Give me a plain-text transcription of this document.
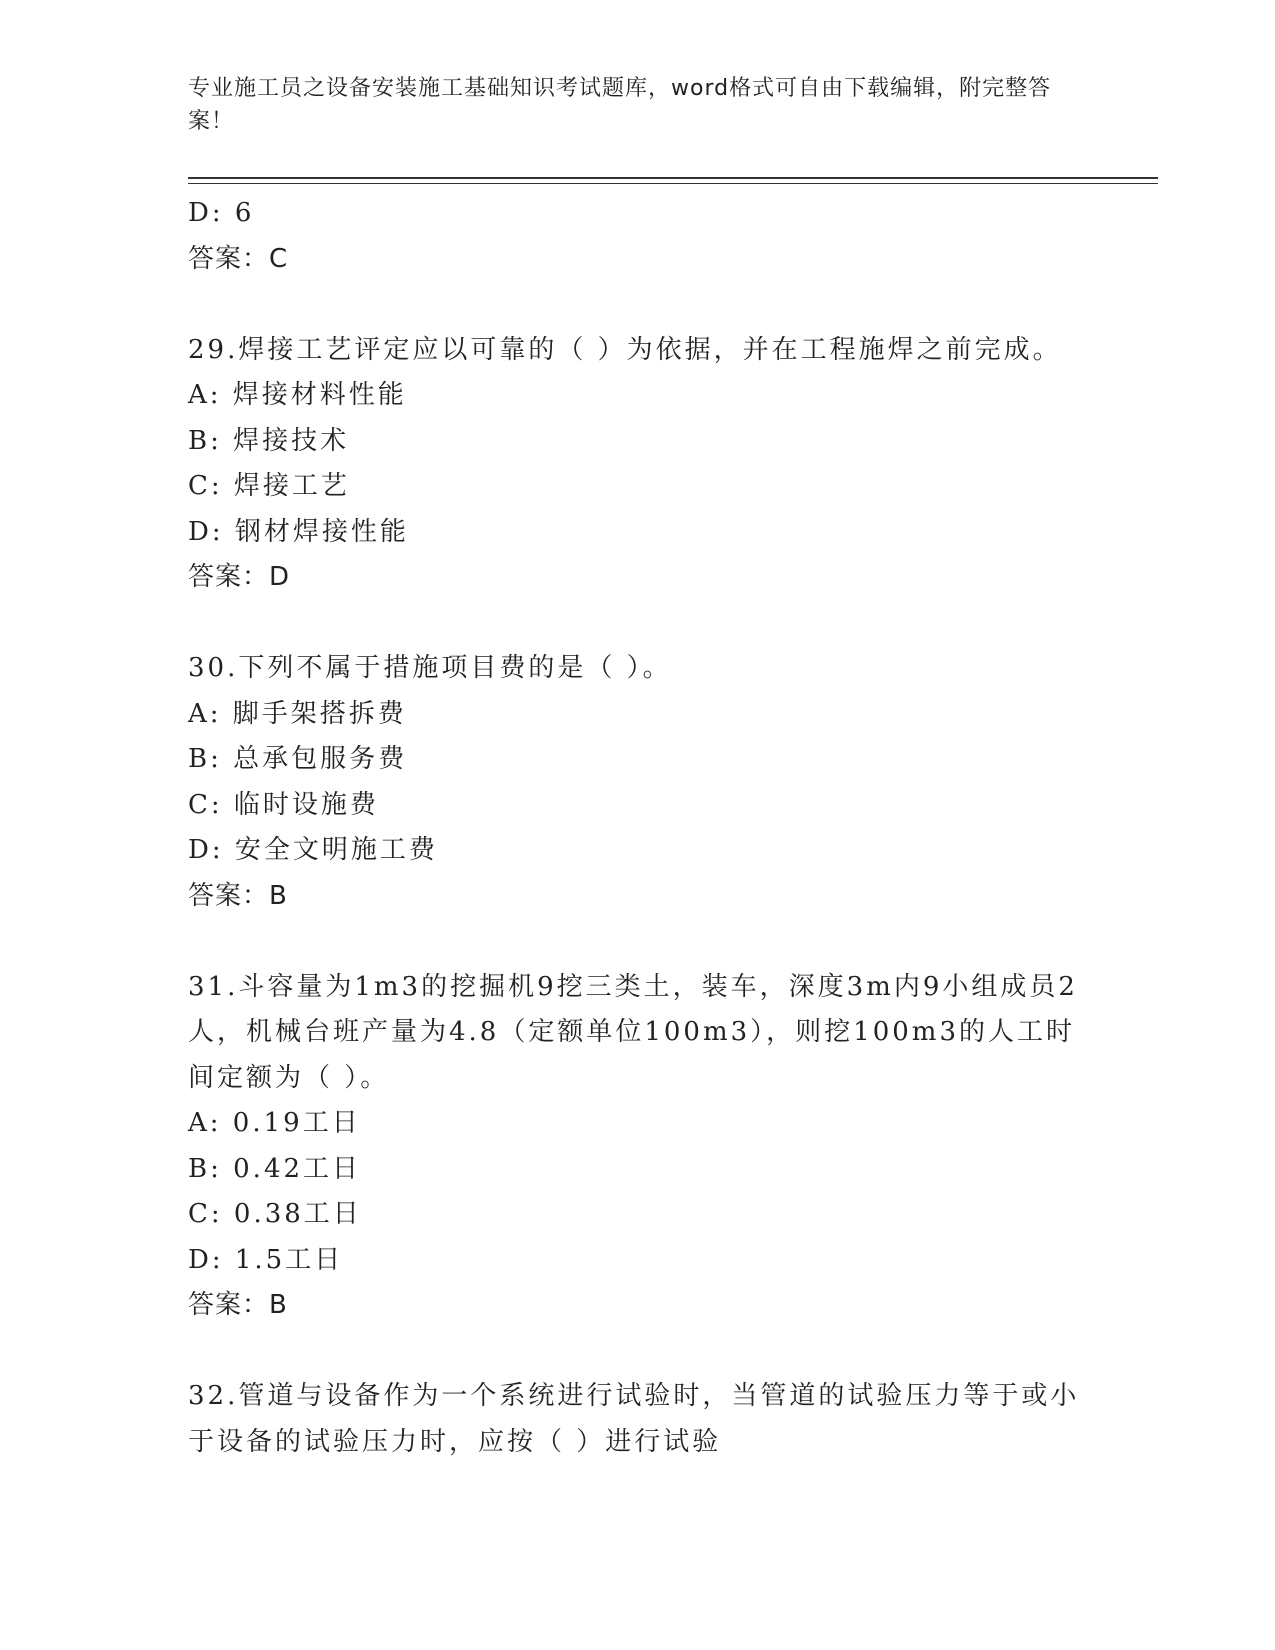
专业施工员之设备安装施工基础知识考试题库，word格式可自由下载编辑，附完整答案！
D: 6
答案：C
29.焊接工艺评定应以可靠的（ ）为依据，并在工程施焊之前完成。
A: 焊接材料性能
B: 焊接技术
C: 焊接工艺
D: 钢材焊接性能
答案：D
30.下列不属于措施项目费的是（ ）。
A: 脚手架搭拆费
B: 总承包服务费
C: 临时设施费
D: 安全文明施工费
答案：B
31.斗容量为1m3的挖掘机9挖三类土，装车，深度3m内9小组成员2人，机械台班产量为4.8（定额单位100m3），则挖100m3的人工时间定额为（ ）。
A: 0.19工日
B: 0.42工日
C: 0.38工日
D: 1.5工日
答案：B
32.管道与设备作为一个系统进行试验时，当管道的试验压力等于或小于设备的试验压力时，应按（ ）进行试验
